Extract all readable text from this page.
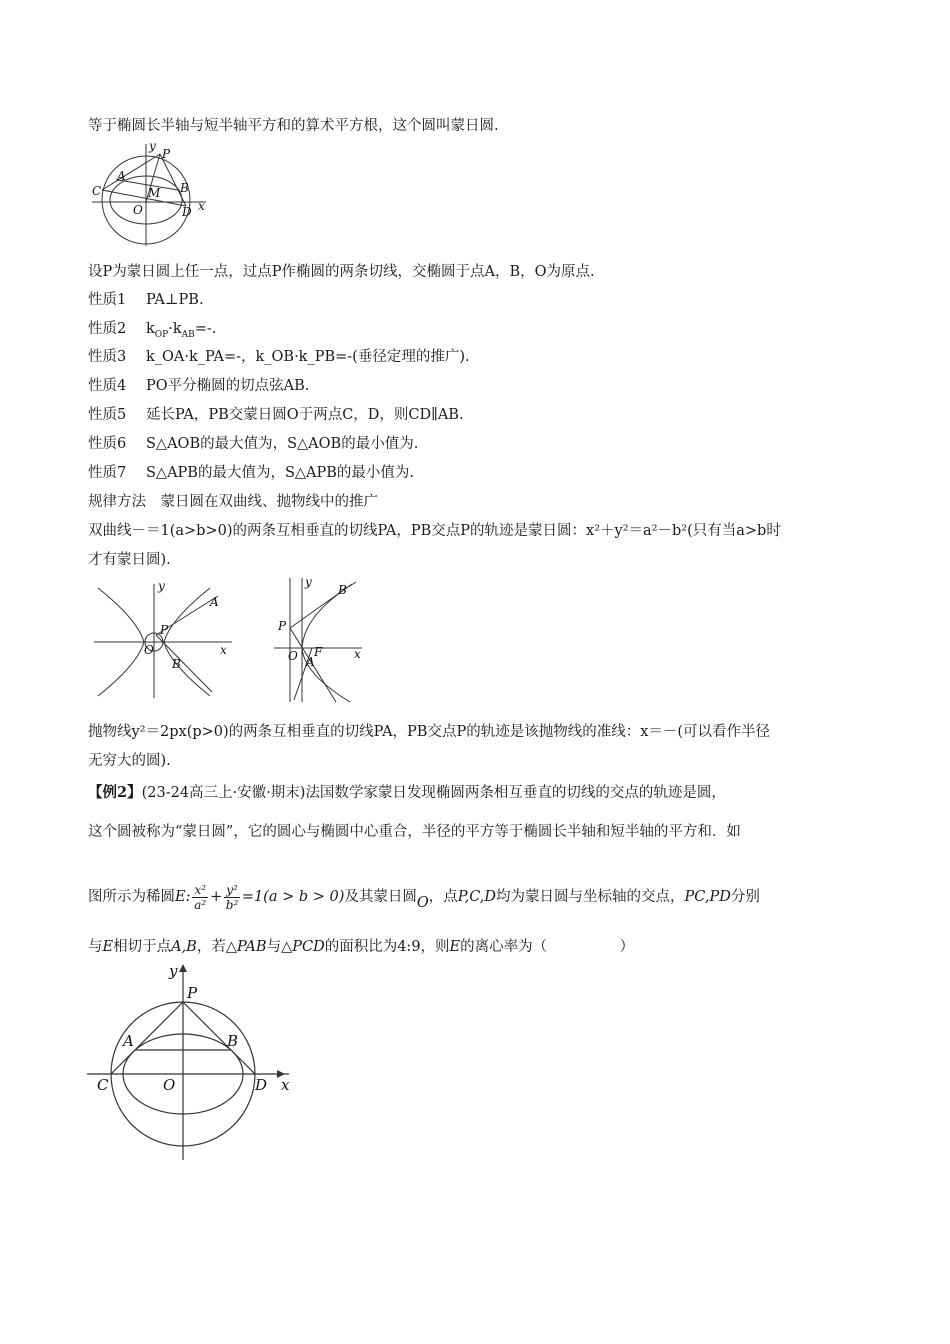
等于椭圆长半轴与短半轴平方和的算术平方根，这个圆叫蒙日圆.
y
P
A
C	M B
O	D x
设P为蒙日圆上任一点，过点P作椭圆的两条切线，交椭圆于点A，B，O为原点.
性质1 PA⊥PB.
性质2 $k_{OP}\cdot k_{AB}=-$.
性质3 k_OA·k_PA=-，k_OB·k_PB=-(垂径定理的推广).
性质4 PO平分椭圆的切点弦AB.
性质5 延长PA，PB交蒙日圆O于两点C，D，则CD∥AB.
性质6 S△AOB的最大值为，S△AOB的最小值为.
性质7 S△APB的最大值为，S△APB的最小值为.
规律方法　蒙日圆在双曲线、抛物线中的推广
双曲线－＝1(a>b>0)的两条互相垂直的切线PA，PB交点P的轨迹是蒙日圆：x²＋y²＝a²－b²(只有当a>b时
才有蒙日圆).
y
A
P
O
B
x
y
B
P
O F
A
x
抛物线y²＝2px(p>0)的两条互相垂直的切线PA，PB交点P的轨迹是该抛物线的准线：x＝－(可以看作半径
无穷大的圆).
【例2】(23-24高三上·安徽·期末)法国数学家蒙日发现椭圆两条相互垂直的切线的交点的轨迹是圆，
这个圆被称为“蒙日圆”，它的圆心与椭圆中心重合，半径的平方等于椭圆长半轴和短半轴的平方和．如
图所示为稀圆E: $\frac{\text{x²}}{\text{a²}} + \frac{\text{y²}}{\text{b²}} =1(a > b > 0)$及其蒙日圆O，点P,C,D均为蒙日圆与坐标轴的交点，PC,PD分别
与E相切于点A,B，若△PAB与△PCD的面积比为4:9，则E的离心率为（　　　　　）
y
P
A	B
C	O	D x
